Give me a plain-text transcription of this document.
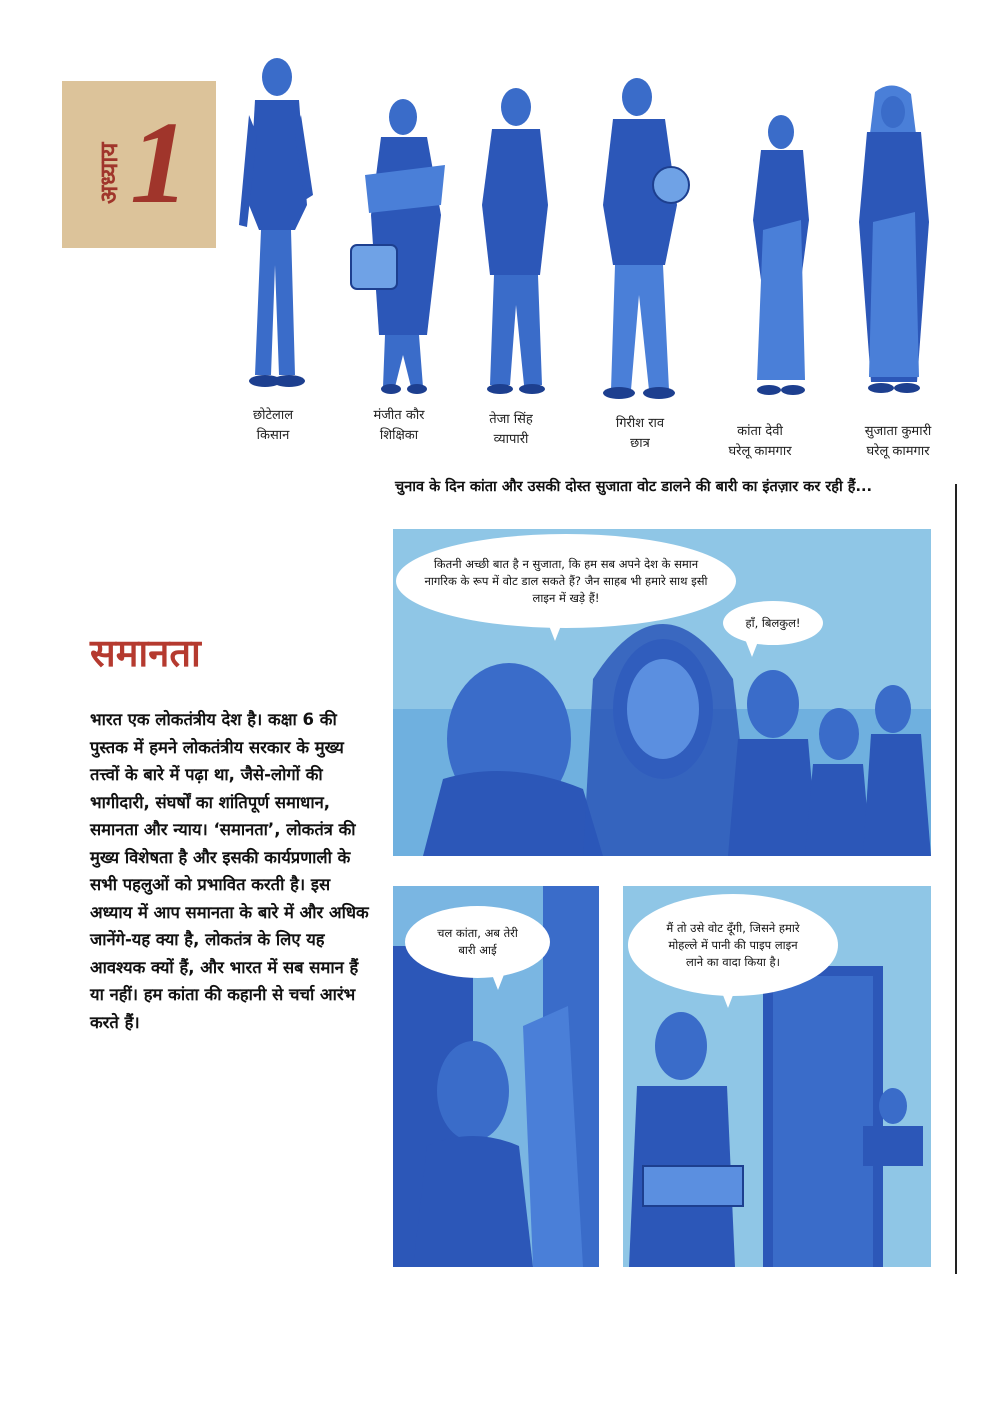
अध्याय 1
छोटेलाल
किसान
मंजीत कौर
शिक्षिका
तेजा सिंह
व्यापारी
गिरीश राव
छात्र
कांता देवी
घरेलू कामगार
सुजाता कुमारी
घरेलू कामगार
चुनाव के दिन कांता और उसकी दोस्त सुजाता वोट डालने की बारी का इंतज़ार कर रही हैं...
समानता
भारत एक लोकतंत्रीय देश है। कक्षा 6 की पुस्तक में हमने लोकतंत्रीय सरकार के मुख्य तत्त्वों के बारे में पढ़ा था, जैसे-लोगों की भागीदारी, संघर्षों का शांतिपूर्ण समाधान, समानता और न्याय। ‘समानता’, लोकतंत्र की मुख्य विशेषता है और इसकी कार्यप्रणाली के सभी पहलुओं को प्रभावित करती है। इस अध्याय में आप समानता के बारे में और अधिक जानेंगे-यह क्या है, लोकतंत्र के लिए यह आवश्यक क्यों हैं, और भारत में सब समान हैं या नहीं। हम कांता की कहानी से चर्चा आरंभ करते हैं।
कितनी अच्छी बात है न सुजाता, कि हम सब अपने देश के समान नागरिक के रूप में वोट डाल सकते हैं? जैन साहब भी हमारे साथ इसी लाइन में खड़े हैं!
हाँ, बिलकुल!
चल कांता, अब तेरी बारी आई
मैं तो उसे वोट दूँगी, जिसने हमारे मोहल्ले में पानी की पाइप लाइन लाने का वादा किया है।
